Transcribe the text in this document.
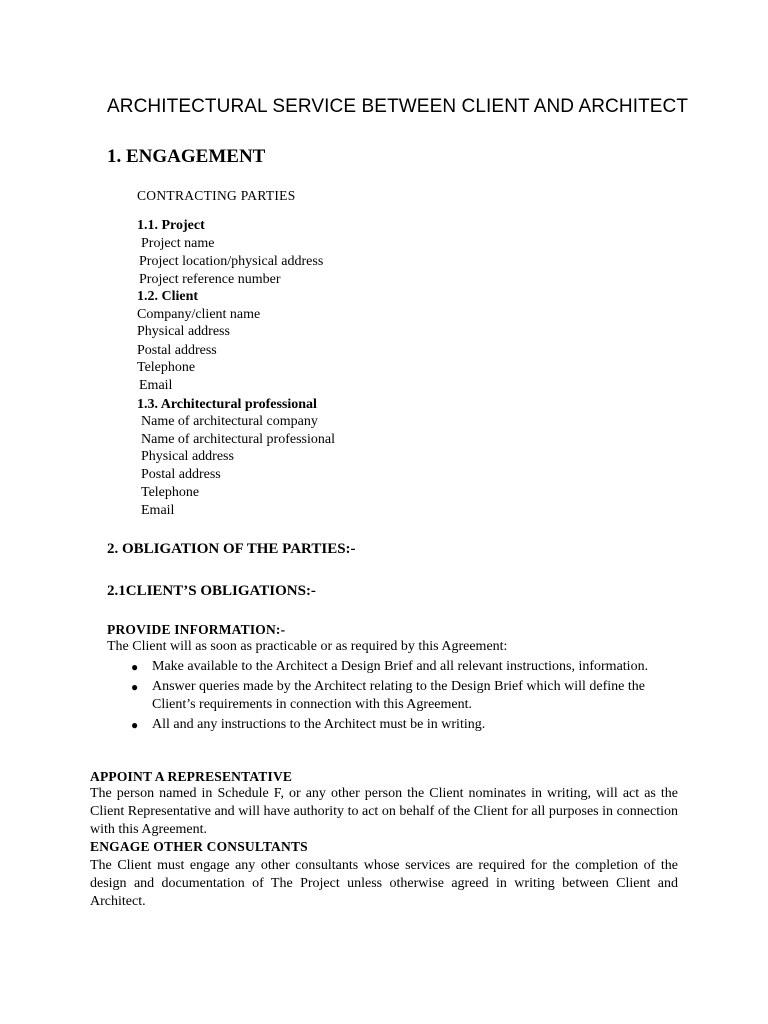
ARCHITECTURAL SERVICE BETWEEN CLIENT AND ARCHITECT
1. ENGAGEMENT
CONTRACTING PARTIES
1.1. Project
Project name
Project location/physical address
Project reference number
1.2. Client
Company/client name
Physical address
Postal address
Telephone
Email
1.3. Architectural professional
Name of architectural company
Name of architectural professional
Physical address
Postal address
Telephone
Email
2. OBLIGATION OF THE PARTIES:-
2.1CLIENT’S OBLIGATIONS:-
PROVIDE INFORMATION:-
The Client will as soon as practicable or as required by this Agreement:
● Make available to the Architect a Design Brief and all relevant instructions, information.
● Answer queries made by the Architect relating to the Design Brief which will define the Client’s requirements in connection with this Agreement.
● All and any instructions to the Architect must be in writing.
APPOINT A REPRESENTATIVE
The person named in Schedule F, or any other person the Client nominates in writing, will act as the Client Representative and will have authority to act on behalf of the Client for all purposes in connection with this Agreement.
ENGAGE OTHER CONSULTANTS
The Client must engage any other consultants whose services are required for the completion of the design and documentation of The Project unless otherwise agreed in writing between Client and Architect.
